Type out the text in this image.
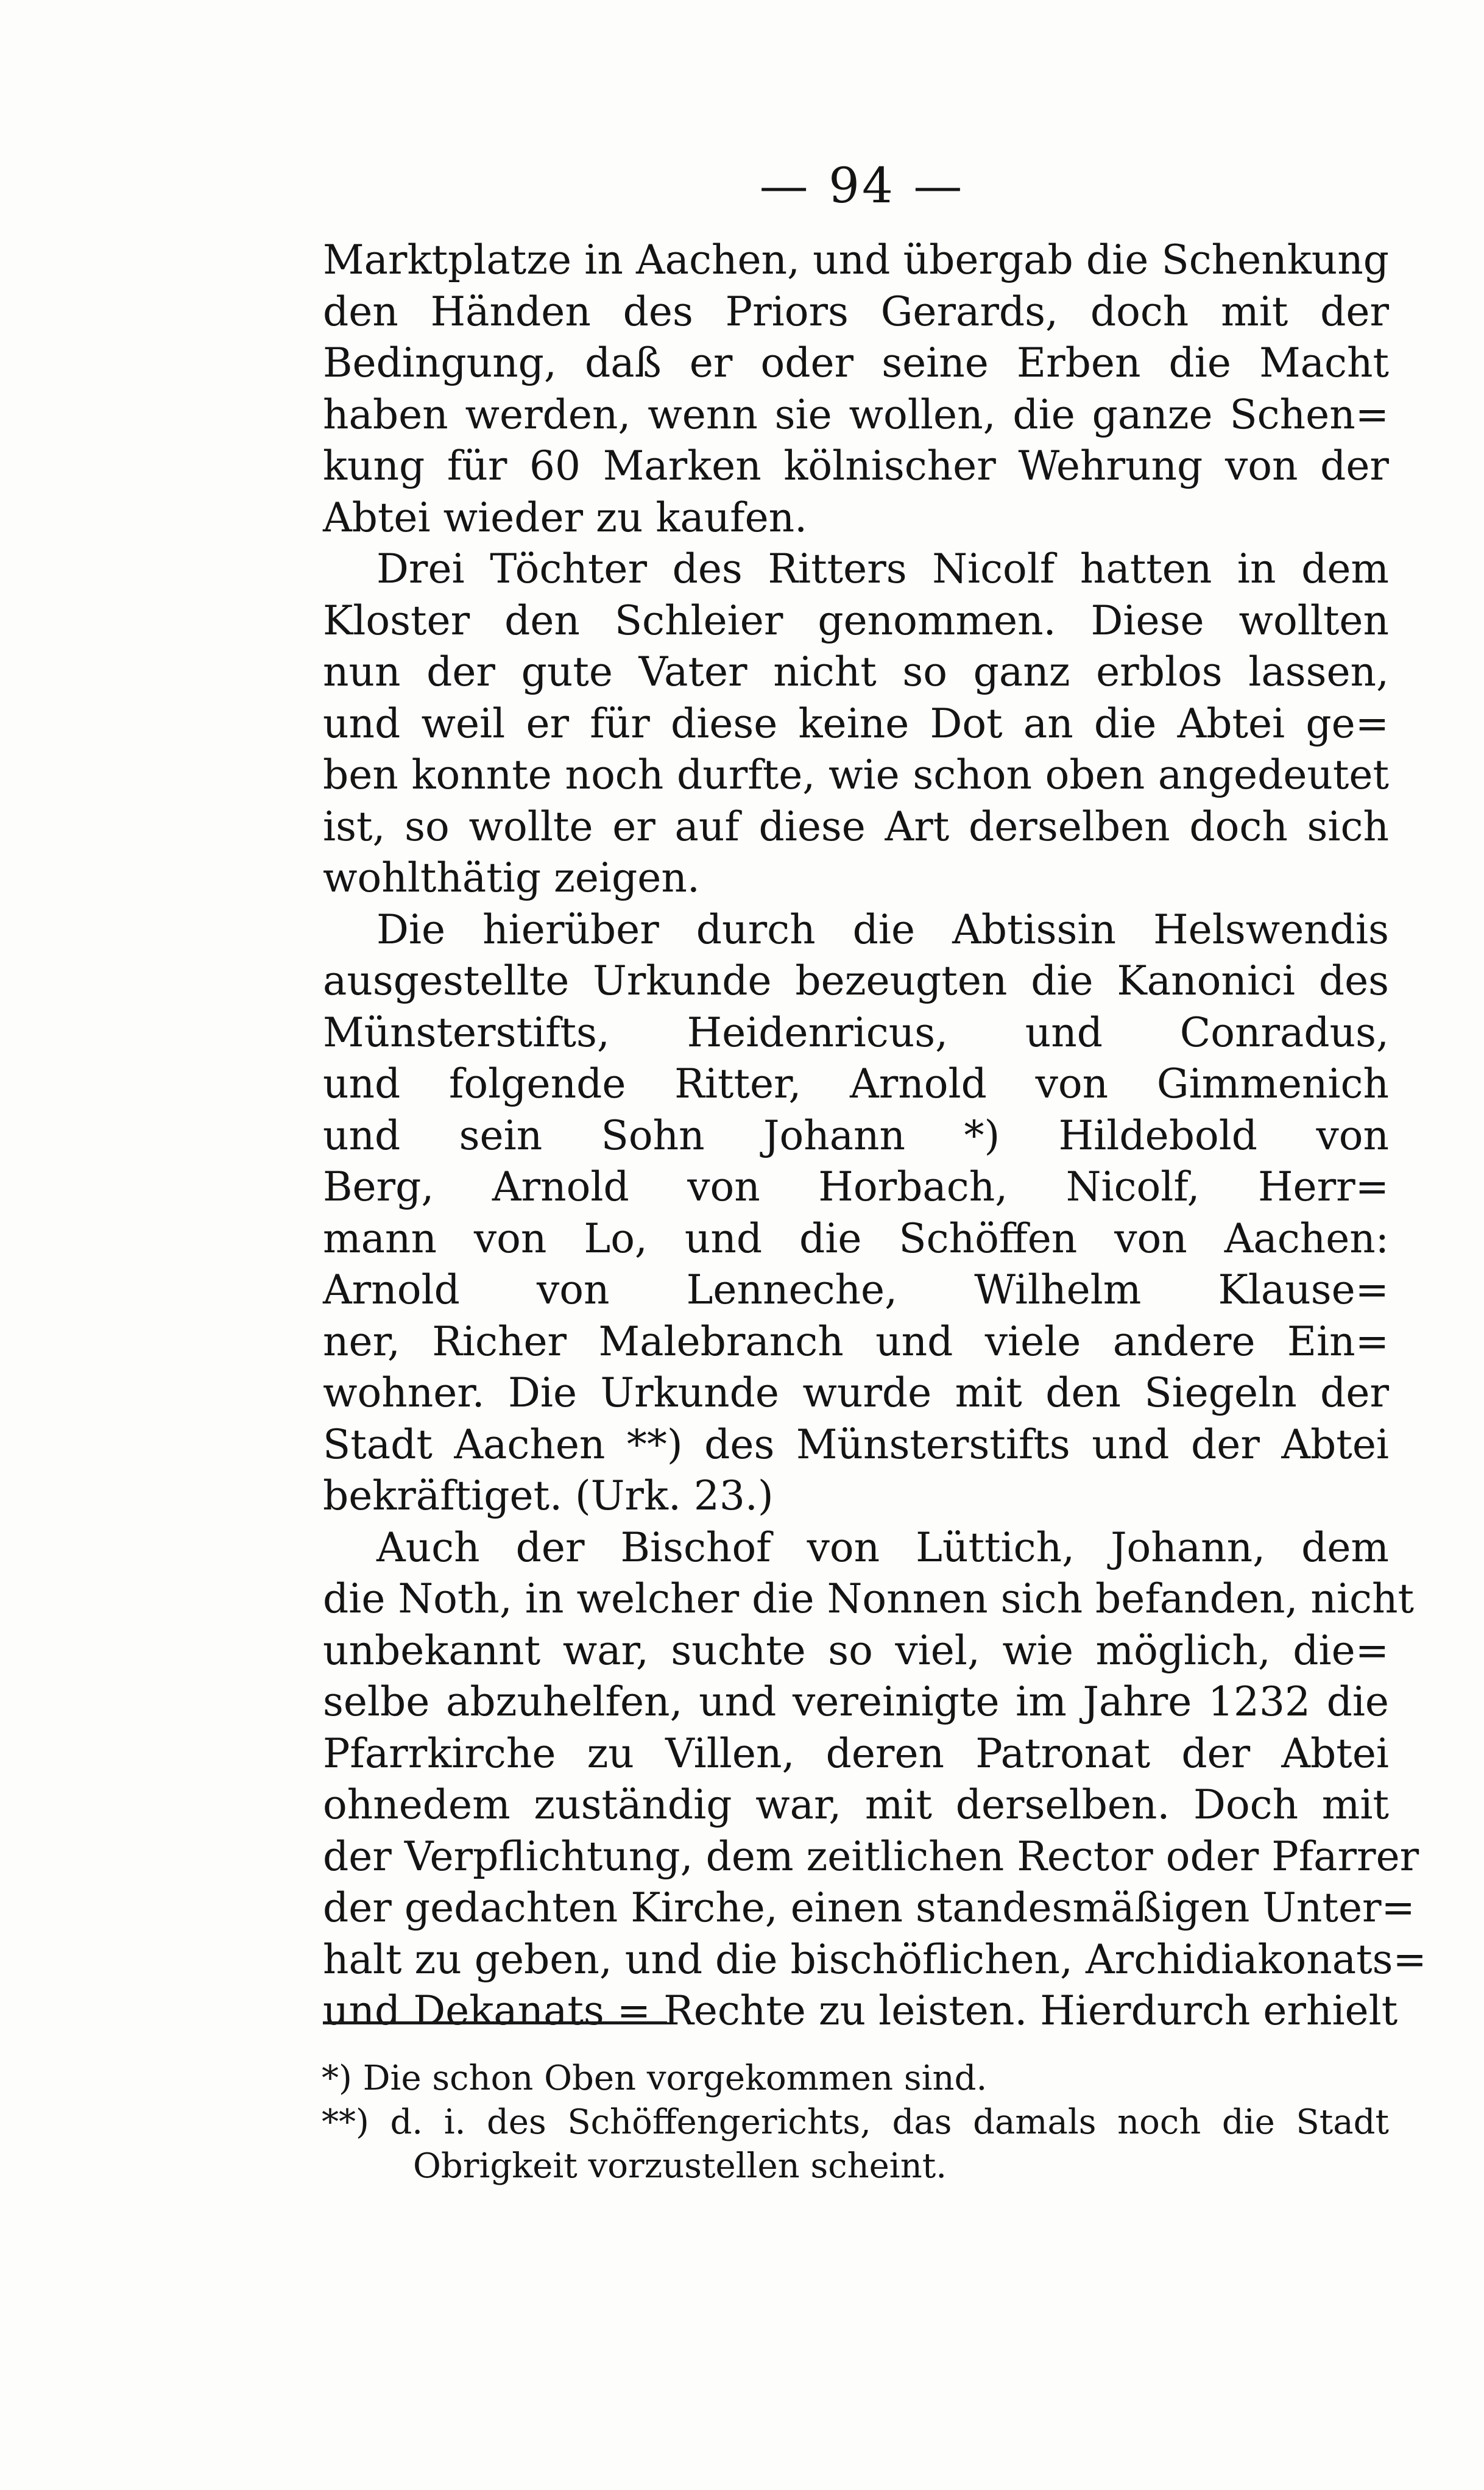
— 94 —
Marktplatze in Aachen, und übergab die Schenkung
den Händen des Priors Gerards, doch mit der
Bedingung, daß er oder seine Erben die Macht
haben werden, wenn sie wollen, die ganze Schen=
kung für 60 Marken kölnischer Wehrung von der
Abtei wieder zu kaufen.
Drei Töchter des Ritters Nicolf hatten in dem
Kloster den Schleier genommen. Diese wollten
nun der gute Vater nicht so ganz erblos lassen,
und weil er für diese keine Dot an die Abtei ge=
ben konnte noch durfte, wie schon oben angedeutet
ist, so wollte er auf diese Art derselben doch sich
wohlthätig zeigen.
Die hierüber durch die Abtissin Helswendis
ausgestellte Urkunde bezeugten die Kanonici des
Münsterstifts, Heidenricus, und Conradus,
und folgende Ritter, Arnold von Gimmenich
und sein Sohn Johann *) Hildebold von
Berg, Arnold von Horbach, Nicolf, Herr=
mann von Lo, und die Schöffen von Aachen:
Arnold von Lenneche, Wilhelm Klause=
ner, Richer Malebranch und viele andere Ein=
wohner. Die Urkunde wurde mit den Siegeln der
Stadt Aachen **) des Münsterstifts und der Abtei
bekräftiget. (Urk. 23.)
Auch der Bischof von Lüttich, Johann, dem
die Noth, in welcher die Nonnen sich befanden, nicht
unbekannt war, suchte so viel, wie möglich, die=
selbe abzuhelfen, und vereinigte im Jahre 1232 die
Pfarrkirche zu Villen, deren Patronat der Abtei
ohnedem zuständig war, mit derselben. Doch mit
der Verpflichtung, dem zeitlichen Rector oder Pfarrer
der gedachten Kirche, einen standesmäßigen Unter=
halt zu geben, und die bischöflichen, Archidiakonats=
und Dekanats = Rechte zu leisten. Hierdurch erhielt
*) Die schon Oben vorgekommen sind.
**) d. i. des Schöffengerichts, das damals noch die Stadt
Obrigkeit vorzustellen scheint.
